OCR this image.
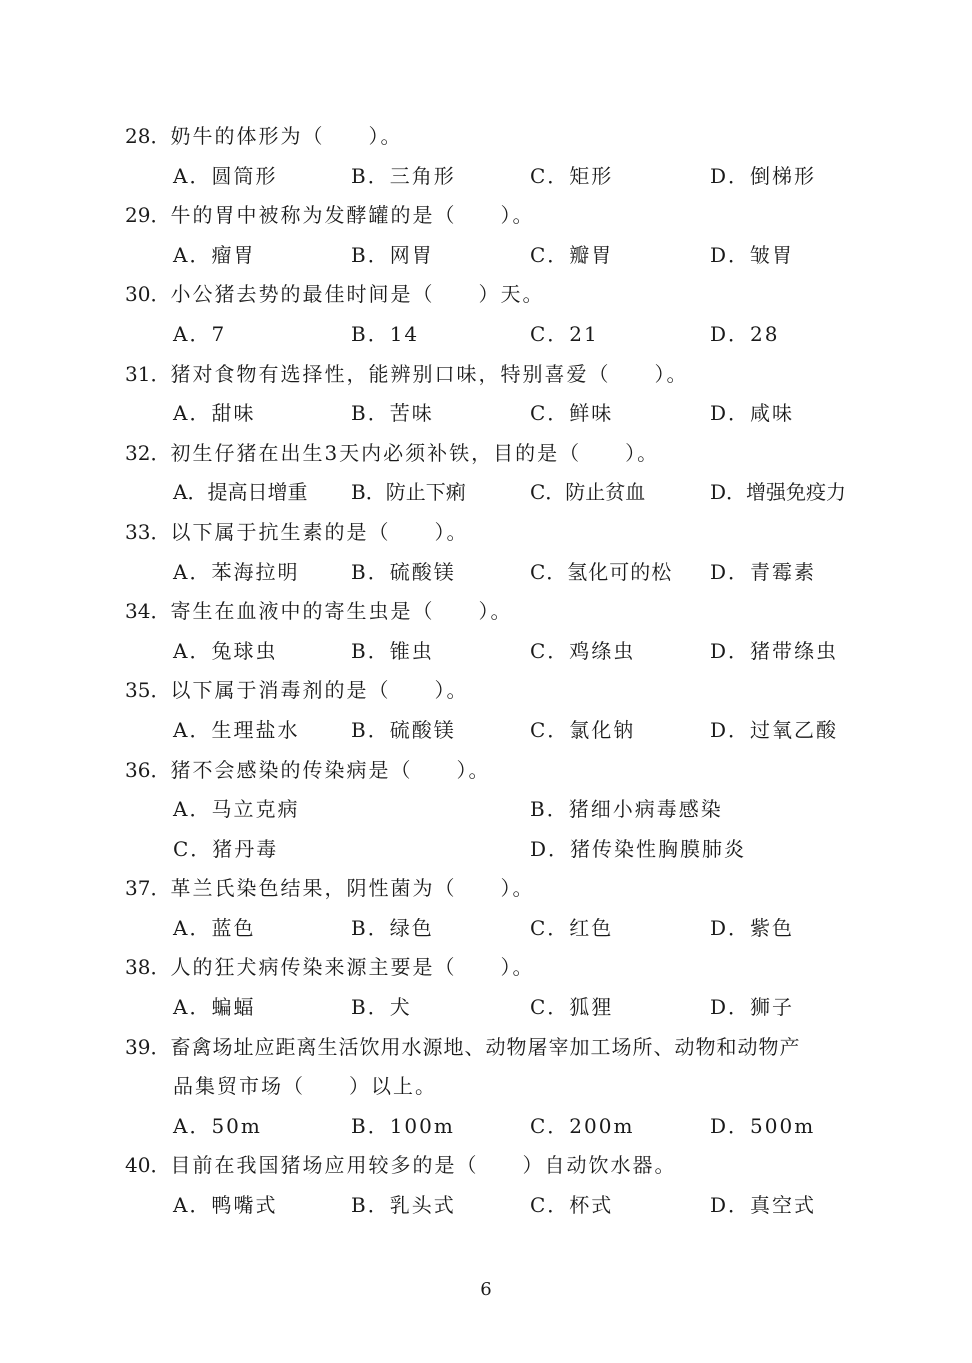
28．奶牛的体形为（　　）。
A．圆筒形	B．三角形	C．矩形	D．倒梯形
29．牛的胃中被称为发酵罐的是（　　）。
A．瘤胃	B．网胃	C．瓣胃	D．皱胃
30．小公猪去势的最佳时间是（　　）天。
A．7	B．14	C．21	D．28
31．猪对食物有选择性，能辨别口味，特别喜爱（　　）。
A．甜味	B．苦味	C．鲜味	D．咸味
32．初生仔猪在出生3天内必须补铁，目的是（　　）。
A．提高日增重 B．防止下痢	C．防止贫血	D．增强免疫力
33．以下属于抗生素的是（　　）。
A．苯海拉明	B．硫酸镁	C．氢化可的松 D．青霉素
34．寄生在血液中的寄生虫是（　　）。
A．兔球虫	B．锥虫	C．鸡绦虫	D．猪带绦虫
35．以下属于消毒剂的是（　　）。
A．生理盐水	B．硫酸镁	C．氯化钠	D．过氧乙酸
36．猪不会感染的传染病是（　　）。
A．马立克病	B．猪细小病毒感染
C．猪丹毒	D．猪传染性胸膜肺炎
37．革兰氏染色结果，阴性菌为（　　）。
A．蓝色	B．绿色	C．红色	D．紫色
38．人的狂犬病传染来源主要是（　　）。
A．蝙蝠	B．犬	C．狐狸	D．狮子
39．畜禽场址应距离生活饮用水源地、动物屠宰加工场所、动物和动物产
品集贸市场（　　）以上。
A．50m	B．100m	C．200m	D．500m
40．目前在我国猪场应用较多的是（　　）自动饮水器。
A．鸭嘴式	B．乳头式	C．杯式	D．真空式
6
